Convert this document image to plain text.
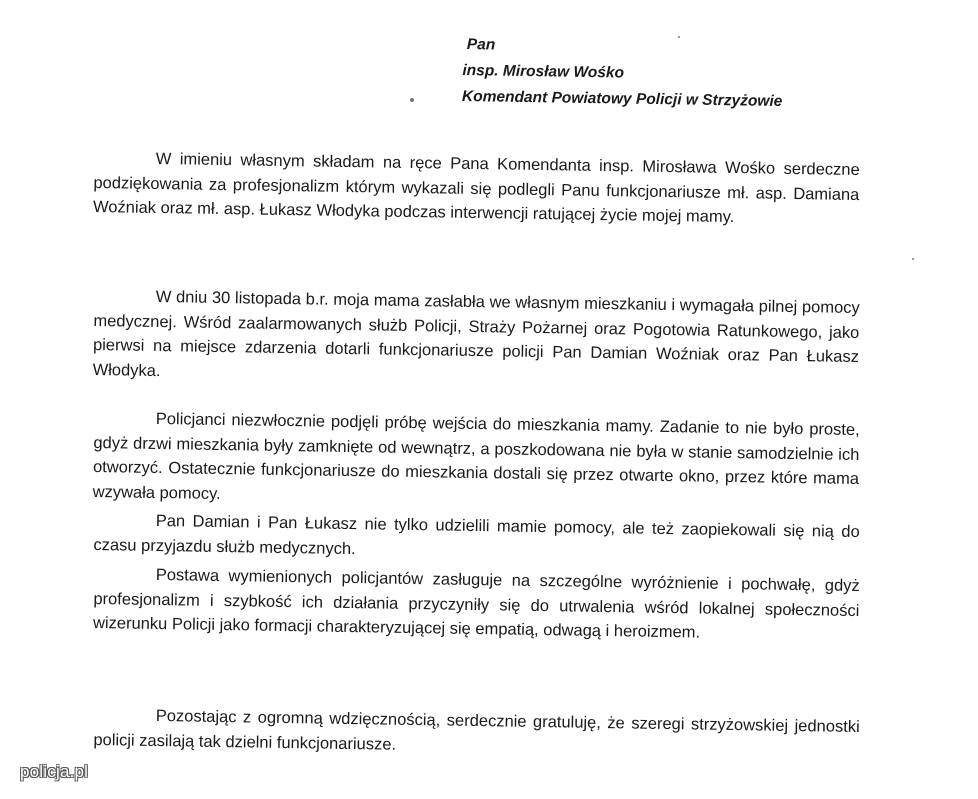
Pan
insp. Mirosław Wośko
Komendant Powiatowy Policji w Strzyżowie

W imieniu własnym składam na ręce Pana Komendanta insp. Mirosława Wośko serdeczne podziękowania za profesjonalizm którym wykazali się podlegli Panu funkcjonariusze mł. asp. Damiana Woźniak oraz mł. asp. Łukasz Włodyka podczas interwencji ratującej życie mojej mamy.

W dniu 30 listopada b.r. moja mama zasłabła we własnym mieszkaniu i wymagała pilnej pomocy medycznej. Wśród zaalarmowanych służb Policji, Straży Pożarnej oraz Pogotowia Ratunkowego, jako pierwsi na miejsce zdarzenia dotarli funkcjonariusze policji Pan Damian Woźniak oraz Pan Łukasz Włodyka.

Policjanci niezwłocznie podjęli próbę wejścia do mieszkania mamy. Zadanie to nie było proste, gdyż drzwi mieszkania były zamknięte od wewnątrz, a poszkodowana nie była w stanie samodzielnie ich otworzyć. Ostatecznie funkcjonariusze do mieszkania dostali się przez otwarte okno, przez które mama wzywała pomocy.

Pan Damian i Pan Łukasz nie tylko udzielili mamie pomocy, ale też zaopiekowali się nią do czasu przyjazdu służb medycznych.

Postawa wymienionych policjantów zasługuje na szczególne wyróżnienie i pochwałę, gdyż profesjonalizm i szybkość ich działania przyczyniły się do utrwalenia wśród lokalnej społeczności wizerunku Policji jako formacji charakteryzującej się empatią, odwagą i heroizmem.

Pozostając z ogromną wdzięcznością, serdecznie gratuluję, że szeregi strzyżowskiej jednostki policji zasilają tak dzielni funkcjonariusze.

policja.pl
